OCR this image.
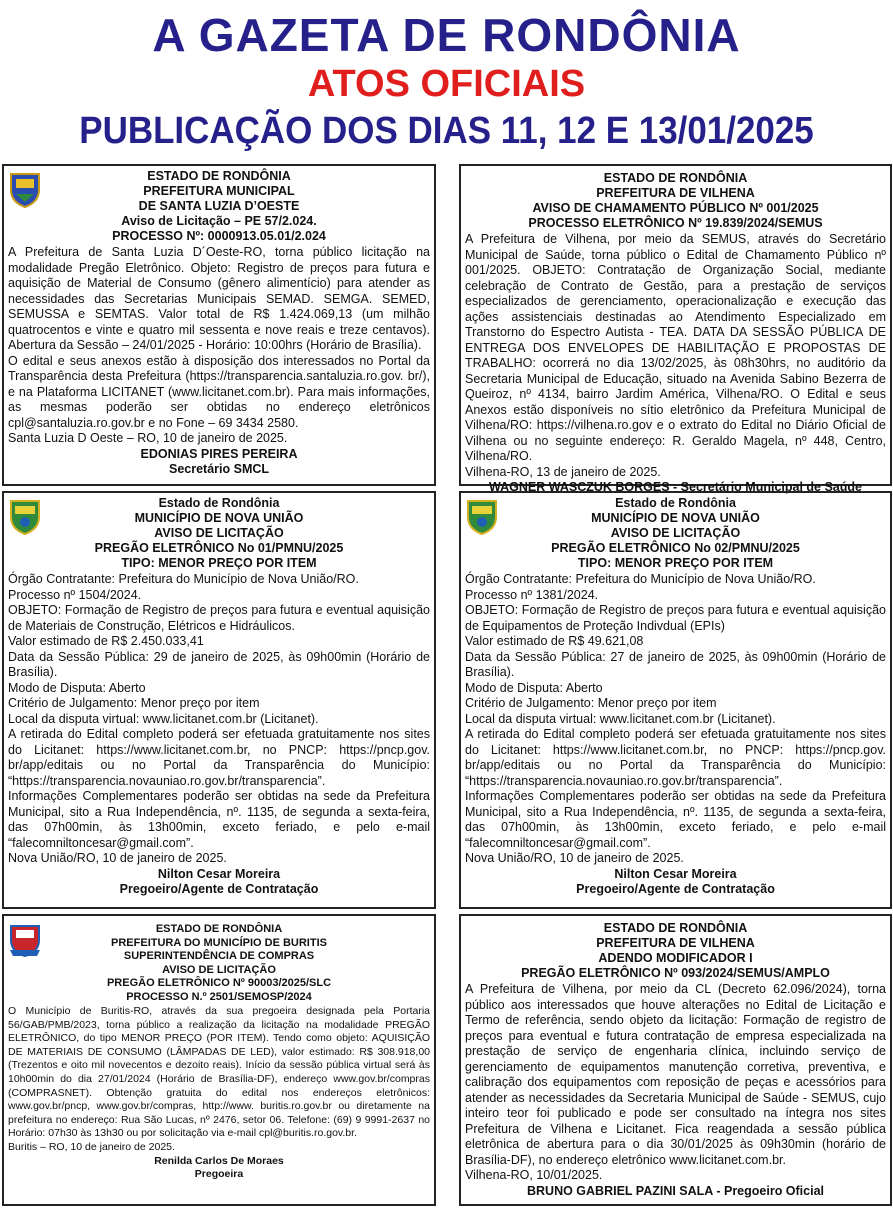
A GAZETA DE RONDÔNIA
ATOS OFICIAIS
PUBLICAÇÃO DOS DIAS 11, 12 E 13/01/2025
ESTADO DE RONDÔNIA
PREFEITURA MUNICIPAL
DE SANTA LUZIA D’OESTE
Aviso de Licitação – PE 57/2.024.
PROCESSO Nº: 0000913.05.01/2.024

A Prefeitura de Santa Luzia D´Oeste-RO, torna público licitação na modalidade Pregão Eletrônico. Objeto: Registro de preços para futura e aquisição de Material de Consumo (gênero alimentício) para atender as necessidades das Secretarias Municipais SEMAD. SEMGA. SEMED, SEMUSSA e SEMTAS. Valor total de R$ 1.424.069,13 (um milhão quatrocentos e vinte e quatro mil sessenta e nove reais e treze centavos). Abertura da Sessão – 24/01/2025 - Horário: 10:00hrs (Horário de Brasília).

O edital e seus anexos estão à disposição dos interessados no Portal da Transparência desta Prefeitura (https://transparencia.santaluzia.ro.gov. br/), e na Plataforma LICITANET (www.licitanet.com.br). Para mais informações, as mesmas poderão ser obtidas no endereço eletrônicos cpl@santaluzia.ro.gov.br e no Fone – 69 3434 2580.

Santa Luzia D Oeste – RO, 10 de janeiro de 2025.

EDONIAS PIRES PEREIRA
Secretário SMCL
ESTADO DE RONDÔNIA
PREFEITURA DE VILHENA
AVISO DE CHAMAMENTO PÚBLICO Nº 001/2025
PROCESSO ELETRÔNICO Nº 19.839/2024/SEMUS

A Prefeitura de Vilhena, por meio da SEMUS, através do Secretário Municipal de Saúde, torna público o Edital de Chamamento Público nº 001/2025. OBJETO: Contratação de Organização Social, mediante celebração de Contrato de Gestão, para a prestação de serviços especializados de gerenciamento, operacionalização e execução das ações assistenciais destinadas ao Atendimento Especializado em Transtorno do Espectro Autista - TEA. DATA DA SESSÃO PÚBLICA DE ENTREGA DOS ENVELOPES DE HABILITAÇÃO E PROPOSTAS DE TRABALHO: ocorrerá no dia 13/02/2025, às 08h30hrs, no auditório da Secretaria Municipal de Educação, situado na Avenida Sabino Bezerra de Queiroz, nº 4134, bairro Jardim América, Vilhena/RO. O Edital e seus Anexos estão disponíveis no sítio eletrônico da Prefeitura Municipal de Vilhena/RO: https://vilhena.ro.gov e o extrato do Edital no Diário Oficial de Vilhena ou no seguinte endereço: R. Geraldo Magela, nº 448, Centro, Vilhena/RO.

Vilhena-RO, 13 de janeiro de 2025.

WAGNER WASCZUK BORGES - Secretário Municipal de Saúde
Estado de Rondônia
MUNICÍPIO DE NOVA UNIÃO
AVISO DE LICITAÇÃO
PREGÃO ELETRÔNICO No 01/PMNU/2025
TIPO: MENOR PREÇO POR ITEM

Órgão Contratante: Prefeitura do Município de Nova União/RO.

Processo nº 1504/2024.

OBJETO: Formação de Registro de preços para futura e eventual aquisição de Materiais de Construção, Elétricos e Hidráulicos.

Valor estimado de R$ 2.450.033,41

Data da Sessão Pública: 29 de janeiro de 2025, às 09h00min (Horário de Brasília).

Modo de Disputa: Aberto

Critério de Julgamento: Menor preço por item

Local da disputa virtual: www.licitanet.com.br (Licitanet).

A retirada do Edital completo poderá ser efetuada gratuitamente nos sites do Licitanet: https://www.licitanet.com.br, no PNCP: https://pncp.gov. br/app/editais ou no Portal da Transparência do Município: “https://transparencia.novauniao.ro.gov.br/transparencia”.

Informações Complementares poderão ser obtidas na sede da Prefeitura Municipal, sito a Rua Independência, nº. 1135, de segunda a sexta-feira, das 07h00min, às 13h00min, exceto feriado, e pelo e-mail “falecomniltoncesar@gmail.com”.

Nova União/RO, 10 de janeiro de 2025.

Nilton Cesar Moreira
Pregoeiro/Agente de Contratação
Estado de Rondônia
MUNICÍPIO DE NOVA UNIÃO
AVISO DE LICITAÇÃO
PREGÃO ELETRÔNICO No 02/PMNU/2025
TIPO: MENOR PREÇO POR ITEM

Órgão Contratante: Prefeitura do Município de Nova União/RO.

Processo nº 1381/2024.

OBJETO: Formação de Registro de preços para futura e eventual aquisição de Equipamentos de Proteção Indivdual (EPIs)

Valor estimado de R$ 49.621,08

Data da Sessão Pública: 27 de janeiro de 2025, às 09h00min (Horário de Brasília).

Modo de Disputa: Aberto

Critério de Julgamento: Menor preço por item

Local da disputa virtual: www.licitanet.com.br (Licitanet).

A retirada do Edital completo poderá ser efetuada gratuitamente nos sites do Licitanet: https://www.licitanet.com.br, no PNCP: https://pncp.gov. br/app/editais ou no Portal da Transparência do Município: “https://transparencia.novauniao.ro.gov.br/transparencia”.

Informações Complementares poderão ser obtidas na sede da Prefeitura Municipal, sito a Rua Independência, nº. 1135, de segunda a sexta-feira, das 07h00min, às 13h00min, exceto feriado, e pelo e-mail “falecomniltoncesar@gmail.com”.

Nova União/RO, 10 de janeiro de 2025.

Nilton Cesar Moreira
Pregoeiro/Agente de Contratação
ESTADO DE RONDÔNIA
PREFEITURA DO MUNICÍPIO DE BURITIS
SUPERINTENDÊNCIA DE COMPRAS
AVISO DE LICITAÇÃO
PREGÃO ELETRÔNICO Nº 90003/2025/SLC
PROCESSO N.º 2501/SEMOSP/2024

O Município de Buritis-RO, através da sua pregoeira designada pela Portaria 56/GAB/PMB/2023, torna público a realização da licitação na modalidade PREGÃO ELETRÔNICO, do tipo MENOR PREÇO (POR ITEM). Tendo como objeto: AQUISIÇÃO DE MATERIAIS DE CONSUMO (LÂMPADAS DE LED), valor estimado: R$ 308.918,00 (Trezentos e oito mil novecentos e dezoito reais). Início da sessão pública virtual será às 10h00min do dia 27/01/2024 (Horário de Brasília-DF), endereço www.gov.br/compras (COMPRASNET). Obtenção gratuita do edital nos endereços eletrônicos: www.gov.br/pncp, www.gov.br/compras, http://www. buritis.ro.gov.br ou diretamente na prefeitura no endereço: Rua São Lucas, nº 2476, setor 06. Telefone: (69) 9 9991-2637 no Horário: 07h30 às 13h30 ou por solicitação via e-mail cpl@buritis.ro.gov.br.

Buritis – RO, 10 de janeiro de 2025.

Renilda Carlos De Moraes
Pregoeira
ESTADO DE RONDÔNIA
PREFEITURA DE VILHENA
ADENDO MODIFICADOR I
PREGÃO ELETRÔNICO Nº 093/2024/SEMUS/AMPLO

A Prefeitura de Vilhena, por meio da CL (Decreto 62.096/2024), torna público aos interessados que houve alterações no Edital de Licitação e Termo de referência, sendo objeto da licitação: Formação de registro de preços para eventual e futura contratação de empresa especializada na prestação de serviço de engenharia clínica, incluindo serviço de gerenciamento de equipamentos manutenção corretiva, preventiva, e calibração dos equipamentos com reposição de peças e acessórios para atender as necessidades da Secretaria Municipal de Saúde - SEMUS, cujo inteiro teor foi publicado e pode ser consultado na íntegra nos sites Prefeitura de Vilhena e Licitanet. Fica reagendada a sessão pública eletrônica de abertura para o dia 30/01/2025 às 09h30min (horário de Brasília-DF), no endereço eletrônico www.licitanet.com.br.

Vilhena-RO, 10/01/2025.

BRUNO GABRIEL PAZINI SALA - Pregoeiro Oficial
